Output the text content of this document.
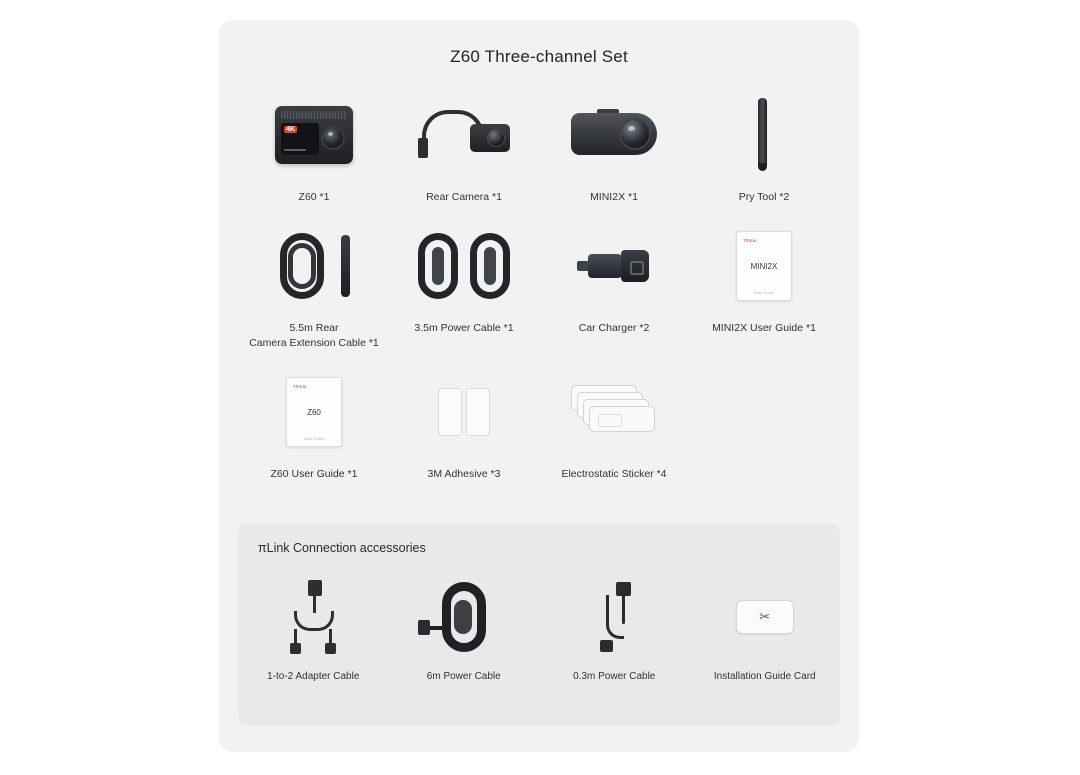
Z60 Three-channel Set
4K
Z60 *1	Rear Camera *1	MINI2X *1	Pry Tool *2
5.5m Rear
Camera Extension Cable *1
3.5m Power Cable *1	Car Charger *2
70mai
MINI2X
User Guide
MINI2X User Guide *1
70mai
Z60
User Guide
Z60 User Guide *1	3M Adhesive *3	Electrostatic Sticker *4
πLink Connection accessories
1-to-2 Adapter Cable	6m Power Cable	0.3m Power Cable
✂
Installation Guide Card
